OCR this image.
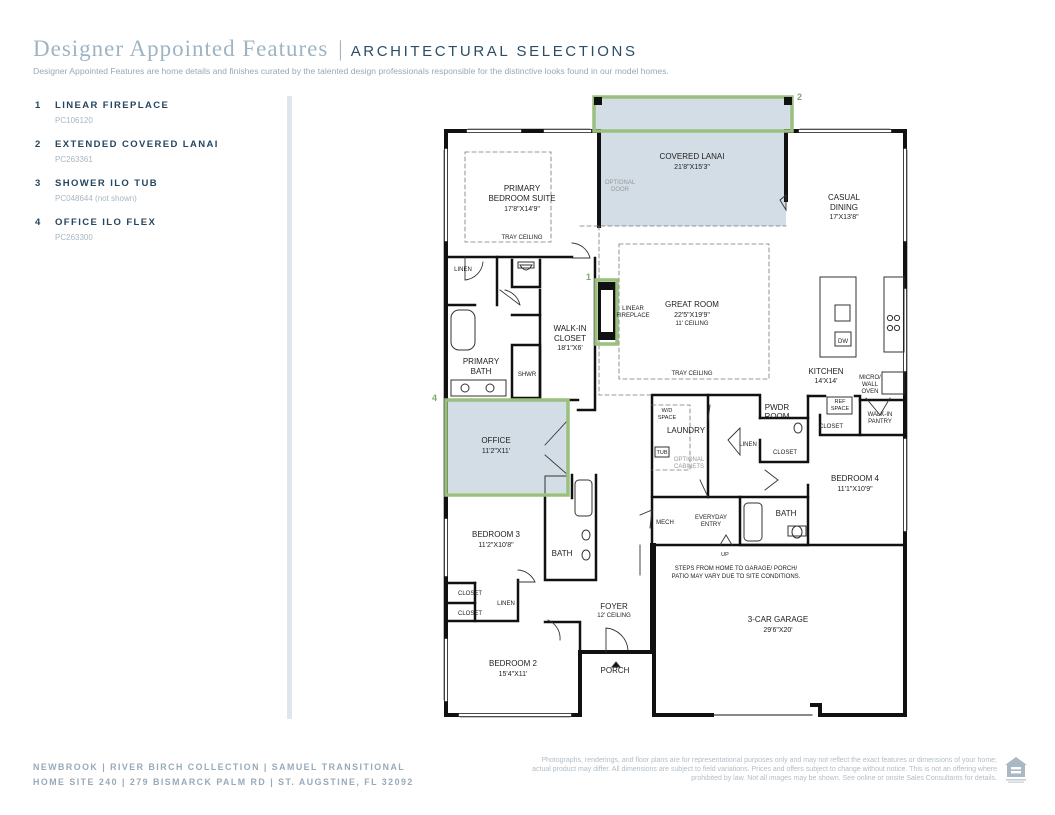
Designer Appointed Features | ARCHITECTURAL SELECTIONS
Designer Appointed Features are home details and finishes curated by the talented design professionals responsible for the distinctive looks found in our model homes.
1	LINEAR FIREPLACE
PC106120
2	EXTENDED COVERED LANAI
PC263361
3	SHOWER ILO TUB
PC048644 (not shown)
4	OFFICE ILO FLEX
PC263300
2
1
4
COVERED LANAI
21'8"X15'3"
PRIMARY
BEDROOM SUITE
17'8"X14'9"
TRAY CEILING
OPTIONAL
DOOR
CASUAL
DINING
17'X13'8"
LINEN
WALK-IN
CLOSET
18'1"X6'
LINEAR
FIREPLACE
GREAT ROOM
22'5"X19'9"
11' CEILING
TRAY CEILING
DW
PRIMARY
BATH	SHWR	KITCHEN
14'X14'	MICRO/
WALL
OVEN
W/D
SPACE
LAUNDRY
TUB
OPTIONAL
CABINETS
PWDR
ROOM
REF
SPACE
WALK-IN
PANTRY
CLOSET
LINEN
CLOSET
OFFICE
11'2"X11'
BEDROOM 4
11'1"X10'9"
BATH
BEDROOM 3
11'2"X10'8"
BATH
MECH
EVERYDAY
ENTRY
UP
CLOSET
CLOSET
LINEN
STEPS FROM HOME TO GARAGE/ PORCH/
PATIO MAY VARY DUE TO SITE CONDITIONS.
FOYER
12' CEILING	3-CAR GARAGE
29'6"X20'
BEDROOM 2
15'4"X11'	PORCH
NEWBROOK | RIVER BIRCH COLLECTION | SAMUEL TRANSITIONAL
HOME SITE 240 | 279 BISMARCK PALM RD | ST. AUGSTINE, FL 32092
Photographs, renderings, and floor plans are for representational purposes only and may not reflect the exact features or dimensions of your home; actual product may differ. All dimensions are subject to field variations. Prices and offers subject to change without notice. This is not an offering where prohibited by law. Not all images may be shown. See online or onsite Sales Consultants for details.
